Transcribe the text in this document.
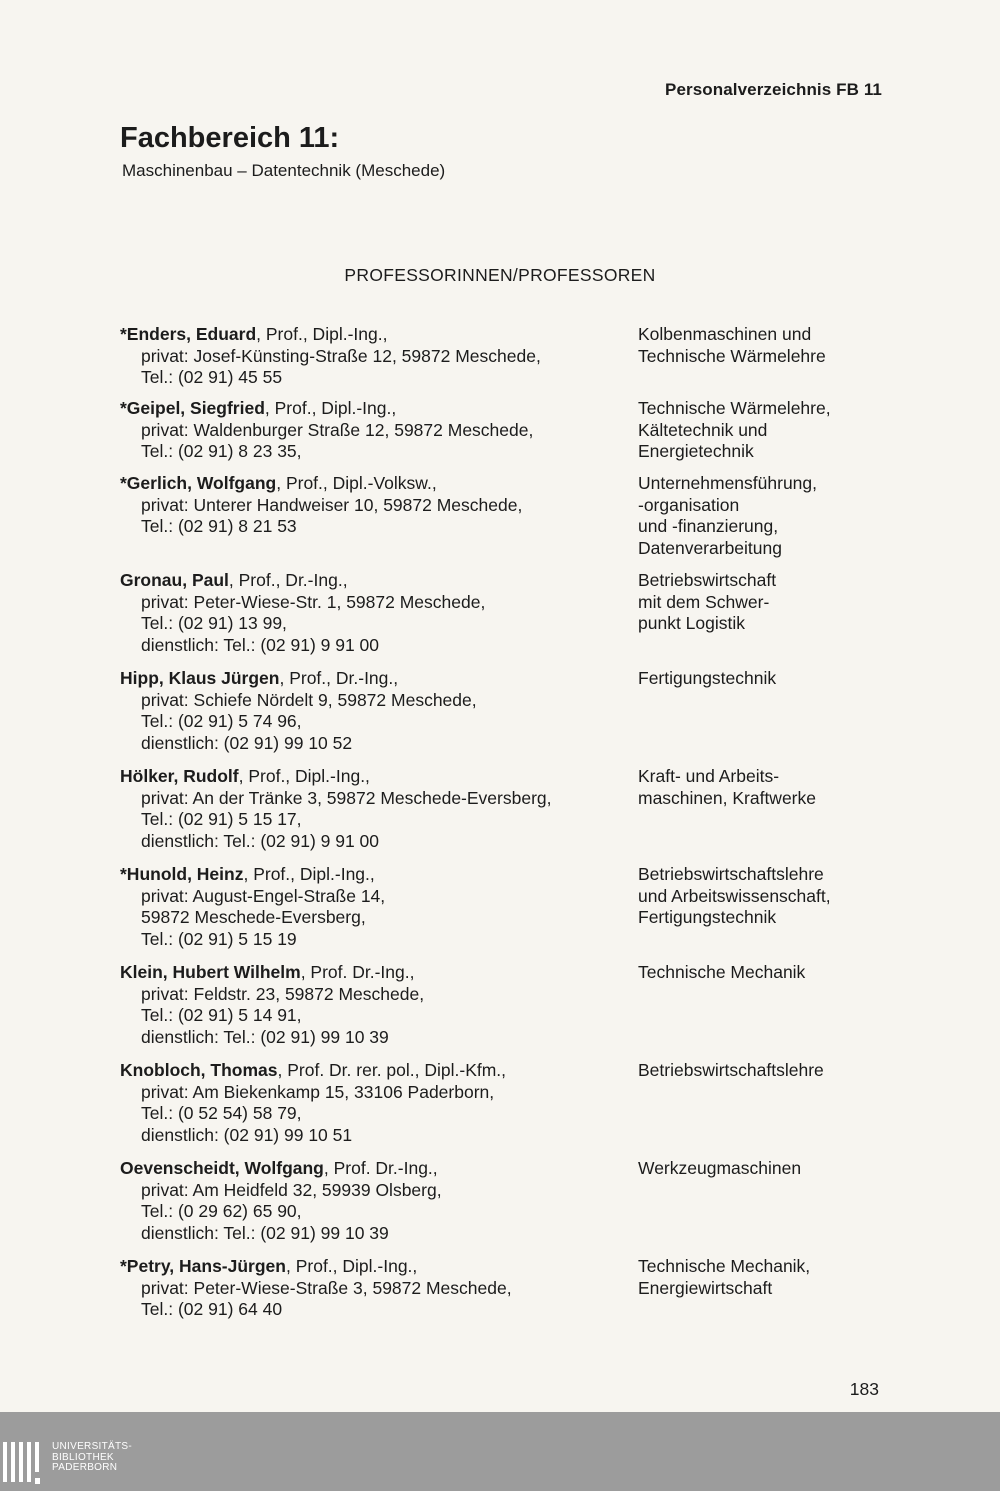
Personalverzeichnis FB 11
Fachbereich 11:
Maschinenbau – Datentechnik (Meschede)
PROFESSORINNEN/PROFESSOREN
*Enders, Eduard, Prof., Dipl.-Ing.,
privat: Josef-Künsting-Straße 12, 59872 Meschede,
Tel.: (02 91) 45 55
Kolbenmaschinen und
Technische Wärmelehre
*Geipel, Siegfried, Prof., Dipl.-Ing.,
privat: Waldenburger Straße 12, 59872 Meschede,
Tel.: (02 91) 8 23 35,
Technische Wärmelehre,
Kältetechnik und
Energietechnik
*Gerlich, Wolfgang, Prof., Dipl.-Volksw.,
privat: Unterer Handweiser 10, 59872 Meschede,
Tel.: (02 91) 8 21 53
Unternehmensführung,
-organisation
und -finanzierung,
Datenverarbeitung
Gronau, Paul, Prof., Dr.-Ing.,
privat: Peter-Wiese-Str. 1, 59872 Meschede,
Tel.: (02 91) 13 99,
dienstlich: Tel.: (02 91) 9 91 00
Betriebswirtschaft
mit dem Schwer-
punkt Logistik
Hipp, Klaus Jürgen, Prof., Dr.-Ing.,
privat: Schiefe Nördelt 9, 59872 Meschede,
Tel.: (02 91) 5 74 96,
dienstlich: (02 91) 99 10 52
Fertigungstechnik
Hölker, Rudolf, Prof., Dipl.-Ing.,
privat: An der Tränke 3, 59872 Meschede-Eversberg,
Tel.: (02 91) 5 15 17,
dienstlich: Tel.: (02 91) 9 91 00
Kraft- und Arbeits-
maschinen, Kraftwerke
*Hunold, Heinz, Prof., Dipl.-Ing.,
privat: August-Engel-Straße 14,
59872 Meschede-Eversberg,
Tel.: (02 91) 5 15 19
Betriebswirtschaftslehre
und Arbeitswissenschaft,
Fertigungstechnik
Klein, Hubert Wilhelm, Prof. Dr.-Ing.,
privat: Feldstr. 23, 59872 Meschede,
Tel.: (02 91) 5 14 91,
dienstlich: Tel.: (02 91) 99 10 39
Technische Mechanik
Knobloch, Thomas, Prof. Dr. rer. pol., Dipl.-Kfm.,
privat: Am Biekenkamp 15, 33106 Paderborn,
Tel.: (0 52 54) 58 79,
dienstlich: (02 91) 99 10 51
Betriebswirtschaftslehre
Oevenscheidt, Wolfgang, Prof. Dr.-Ing.,
privat: Am Heidfeld 32, 59939 Olsberg,
Tel.: (0 29 62) 65 90,
dienstlich: Tel.: (02 91) 99 10 39
Werkzeugmaschinen
*Petry, Hans-Jürgen, Prof., Dipl.-Ing.,
privat: Peter-Wiese-Straße 3, 59872 Meschede,
Tel.: (02 91) 64 40
Technische Mechanik,
Energiewirtschaft
183
UNIVERSITÄTS-
BIBLIOTHEK
PADERBORN
